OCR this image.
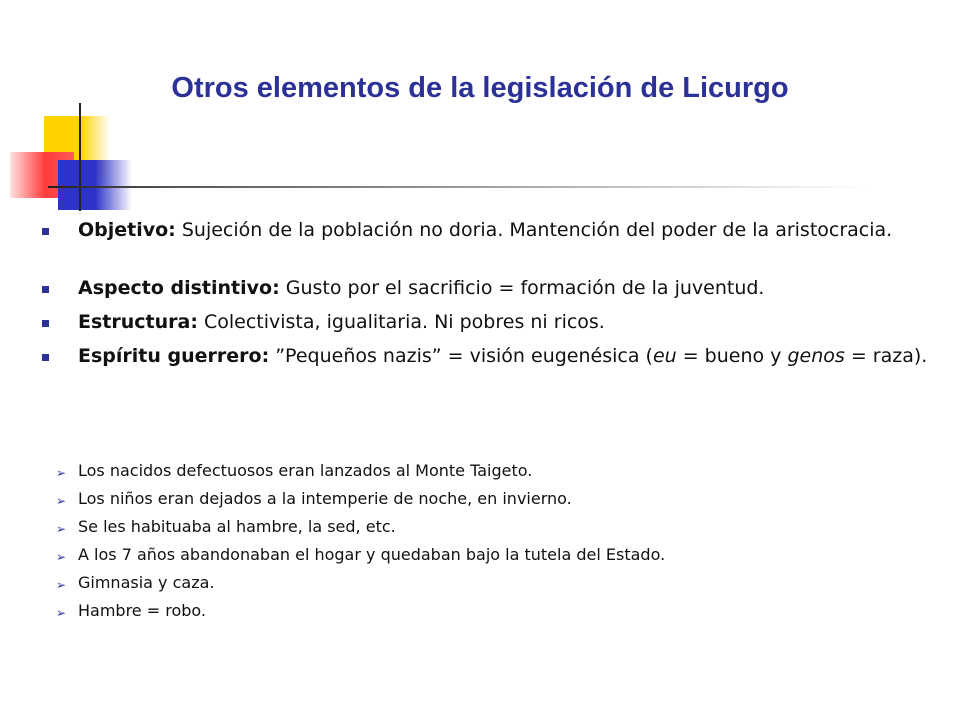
Otros elementos de la legislación de Licurgo
Objetivo: Sujeción de la población no doria. Mantención del poder de la aristocracia.
Aspecto distintivo: Gusto por el sacrificio = formación de la juventud.
Estructura: Colectivista, igualitaria. Ni pobres ni ricos.
Espíritu guerrero: ”Pequeños nazis” = visión eugenésica (eu = bueno y genos = raza).
➢ Los nacidos defectuosos eran lanzados al Monte Taigeto.
➢ Los niños eran dejados a la intemperie de noche, en invierno.
➢ Se les habituaba al hambre, la sed, etc.
➢ A los 7 años abandonaban el hogar y quedaban bajo la tutela del Estado.
➢ Gimnasia y caza.
➢ Hambre = robo.
